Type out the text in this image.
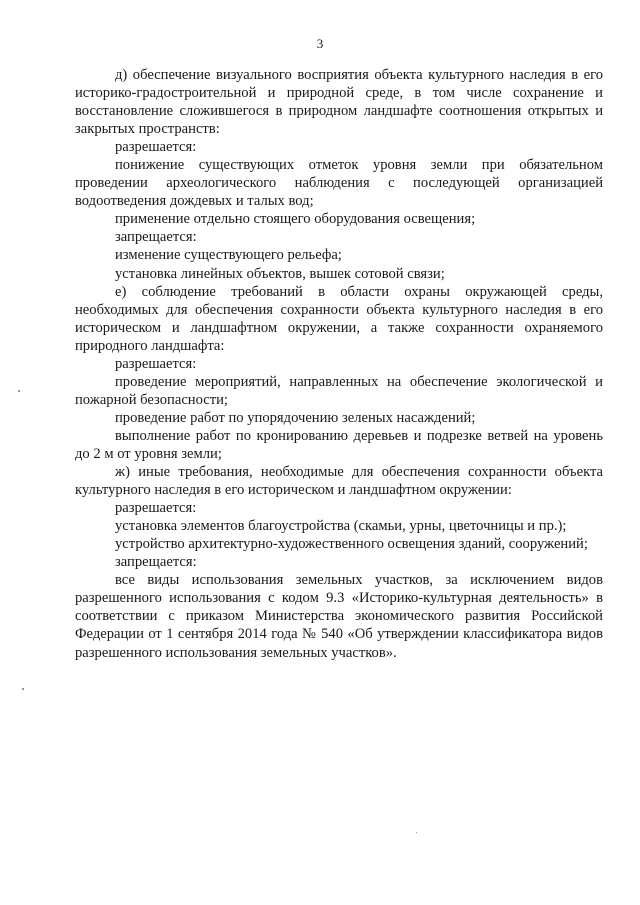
3

д) обеспечение визуального восприятия объекта культурного наследия в его историко-градостроительной и природной среде, в том числе сохранение и восстановление сложившегося в природном ландшафте соотношения открытых и закрытых пространств:

разрешается:

понижение существующих отметок уровня земли при обязательном проведении археологического наблюдения с последующей организацией водоотведения дождевых и талых вод;

применение отдельно стоящего оборудования освещения;

запрещается:

изменение существующего рельефа;

установка линейных объектов, вышек сотовой связи;

е) соблюдение требований в области охраны окружающей среды, необходимых для обеспечения сохранности объекта культурного наследия в его историческом и ландшафтном окружении, а также сохранности охраняемого природного ландшафта:

разрешается:

проведение мероприятий, направленных на обеспечение экологической и пожарной безопасности;

проведение работ по упорядочению зеленых насаждений;

выполнение работ по кронированию деревьев и подрезке ветвей на уровень до 2 м от уровня земли;

ж) иные требования, необходимые для обеспечения сохранности объекта культурного наследия в его историческом и ландшафтном окружении:

разрешается:

установка элементов благоустройства (скамьи, урны, цветочницы и пр.);

устройство архитектурно-художественного освещения зданий, сооружений;

запрещается:

все виды использования земельных участков, за исключением видов разрешенного использования с кодом 9.3 «Историко-культурная деятельность» в соответствии с приказом Министерства экономического развития Российской Федерации от 1 сентября 2014 года № 540 «Об утверждении классификатора видов разрешенного использования земельных участков».
